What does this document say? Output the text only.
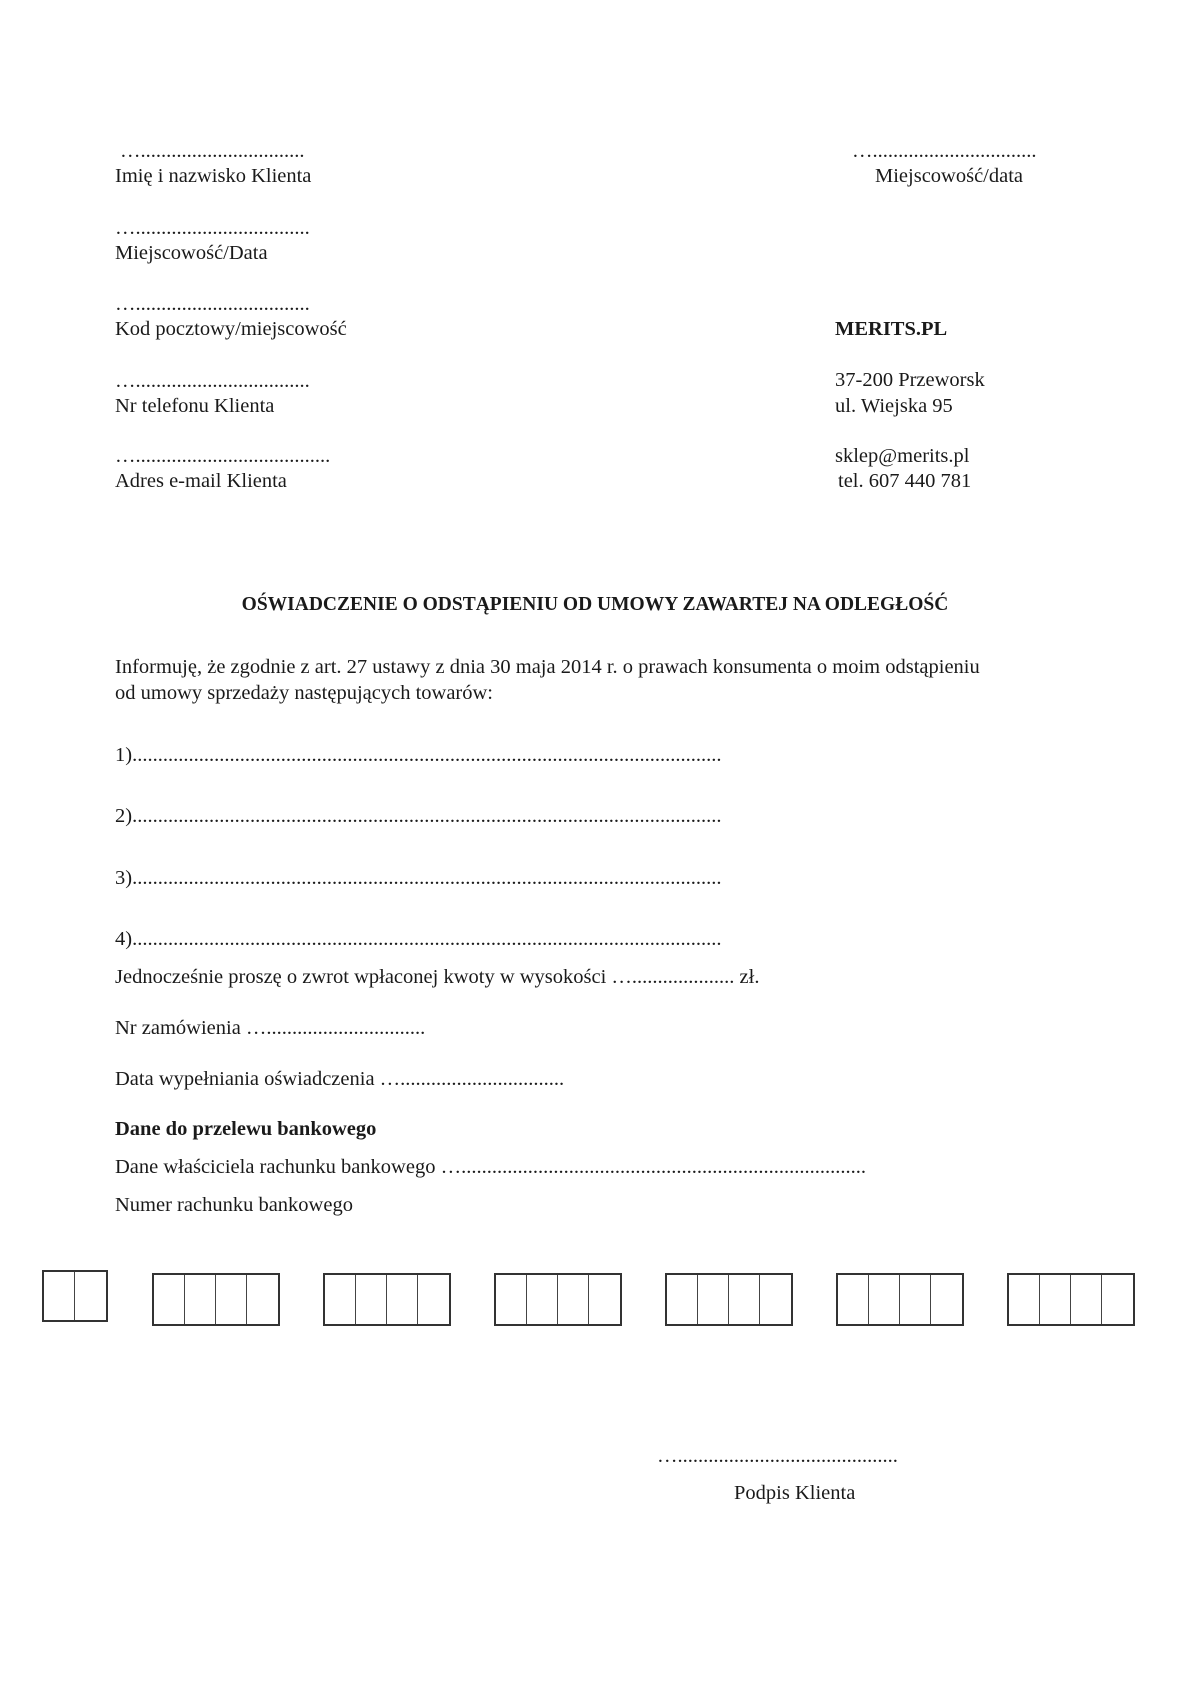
…................................
Imię i nazwisko Klienta
…..................................
Miejscowość/Data
…..................................
Kod pocztowy/miejscowość
…..................................
Nr telefonu Klienta
…......................................
Adres e-mail Klienta
…................................
Miejscowość/data
MERITS.PL
37-200 Przeworsk
ul. Wiejska 95
sklep@merits.pl
tel. 607 440 781
OŚWIADCZENIE O ODSTĄPIENIU OD UMOWY ZAWARTEJ NA ODLEGŁOŚĆ
Informuję, że zgodnie z art. 27 ustawy z dnia 30 maja 2014 r. o prawach konsumenta o moim odstąpieniu
od umowy sprzedaży następujących towarów:
1)...................................................................................................................
2)...................................................................................................................
3)...................................................................................................................
4)...................................................................................................................
Jednocześnie proszę o zwrot wpłaconej kwoty w wysokości ….................... zł.
Nr zamówienia …...............................
Data wypełniania oświadczenia …................................
Dane do przelewu bankowego
Dane właściciela rachunku bankowego …...............................................................................
Numer rachunku bankowego
…...........................................
Podpis Klienta
